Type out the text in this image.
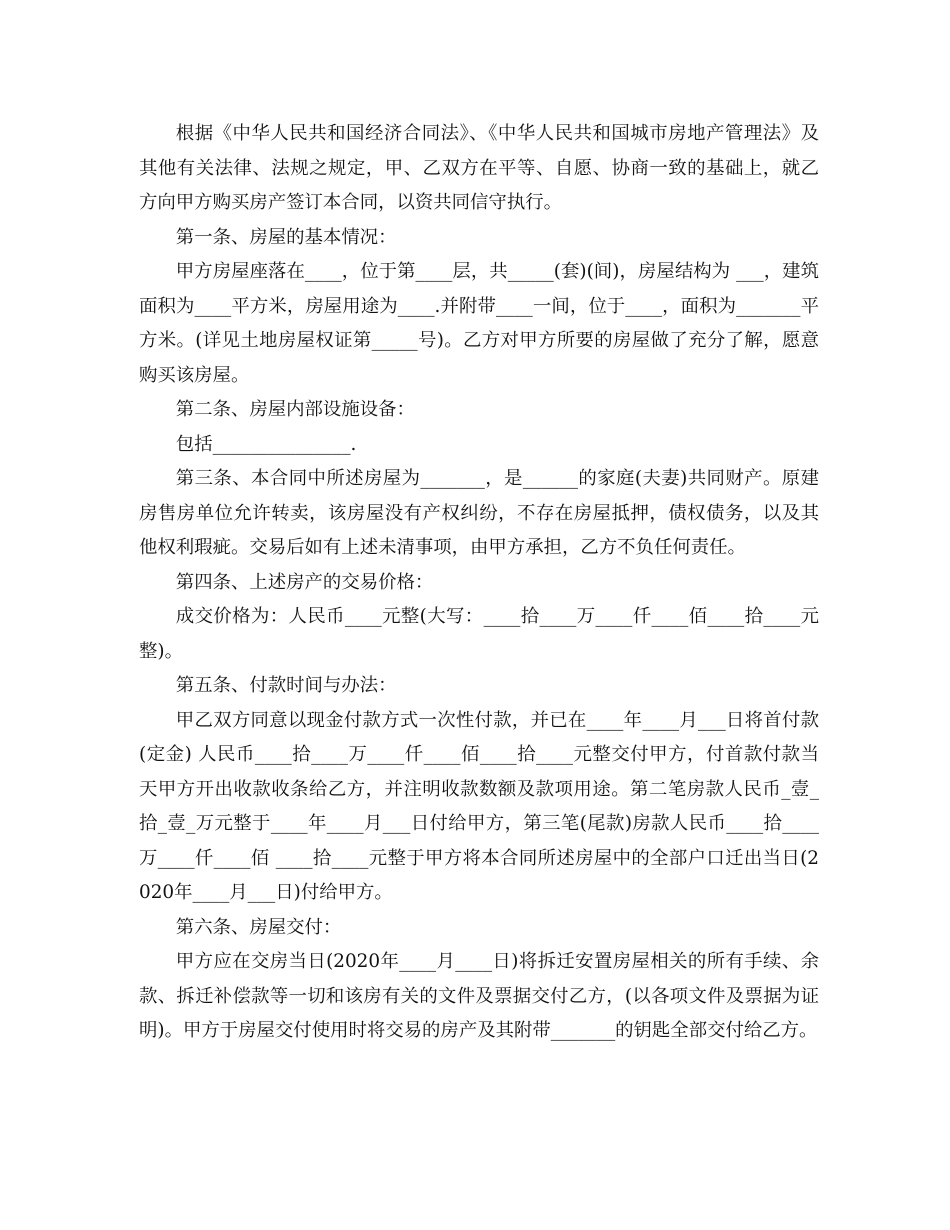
根据《中华人民共和国经济合同法》、《中华人民共和国城市房地产管理法》及其他有关法律、法规之规定，甲、乙双方在平等、自愿、协商一致的基础上，就乙方向甲方购买房产签订本合同，以资共同信守执行。

第一条、房屋的基本情况：

甲方房屋座落在____，位于第____层，共_____(套)(间)，房屋结构为 ___，建筑面积为____平方米，房屋用途为____.并附带____一间，位于____，面积为_______平方米。(详见土地房屋权证第_____号)。乙方对甲方所要的房屋做了充分了解，愿意购买该房屋。

第二条、房屋内部设施设备：

包括_______________.

第三条、本合同中所述房屋为_______，是______的家庭(夫妻)共同财产。原建房售房单位允许转卖，该房屋没有产权纠纷，不存在房屋抵押，债权债务，以及其他权利瑕疵。交易后如有上述未清事项，由甲方承担，乙方不负任何责任。

第四条、上述房产的交易价格：

成交价格为：人民币____元整(大写：____拾____万____仟____佰____拾____元整)。

第五条、付款时间与办法：

甲乙双方同意以现金付款方式一次性付款，并已在____年____月___日将首付款(定金) 人民币____拾____万____仟____佰____拾____元整交付甲方，付首款付款当天甲方开出收款收条给乙方，并注明收款数额及款项用途。第二笔房款人民币_壹_拾_壹_万元整于____年____月___日付给甲方，第三笔(尾款)房款人民币____拾____万____仟____佰 ____拾____元整于甲方将本合同所述房屋中的全部户口迁出当日(2020年____月___日)付给甲方。

第六条、房屋交付：

甲方应在交房当日(2020年____月____日)将拆迁安置房屋相关的所有手续、余款、拆迁补偿款等一切和该房有关的文件及票据交付乙方，(以各项文件及票据为证明)。甲方于房屋交付使用时将交易的房产及其附带_______的钥匙全部交付给乙方。
